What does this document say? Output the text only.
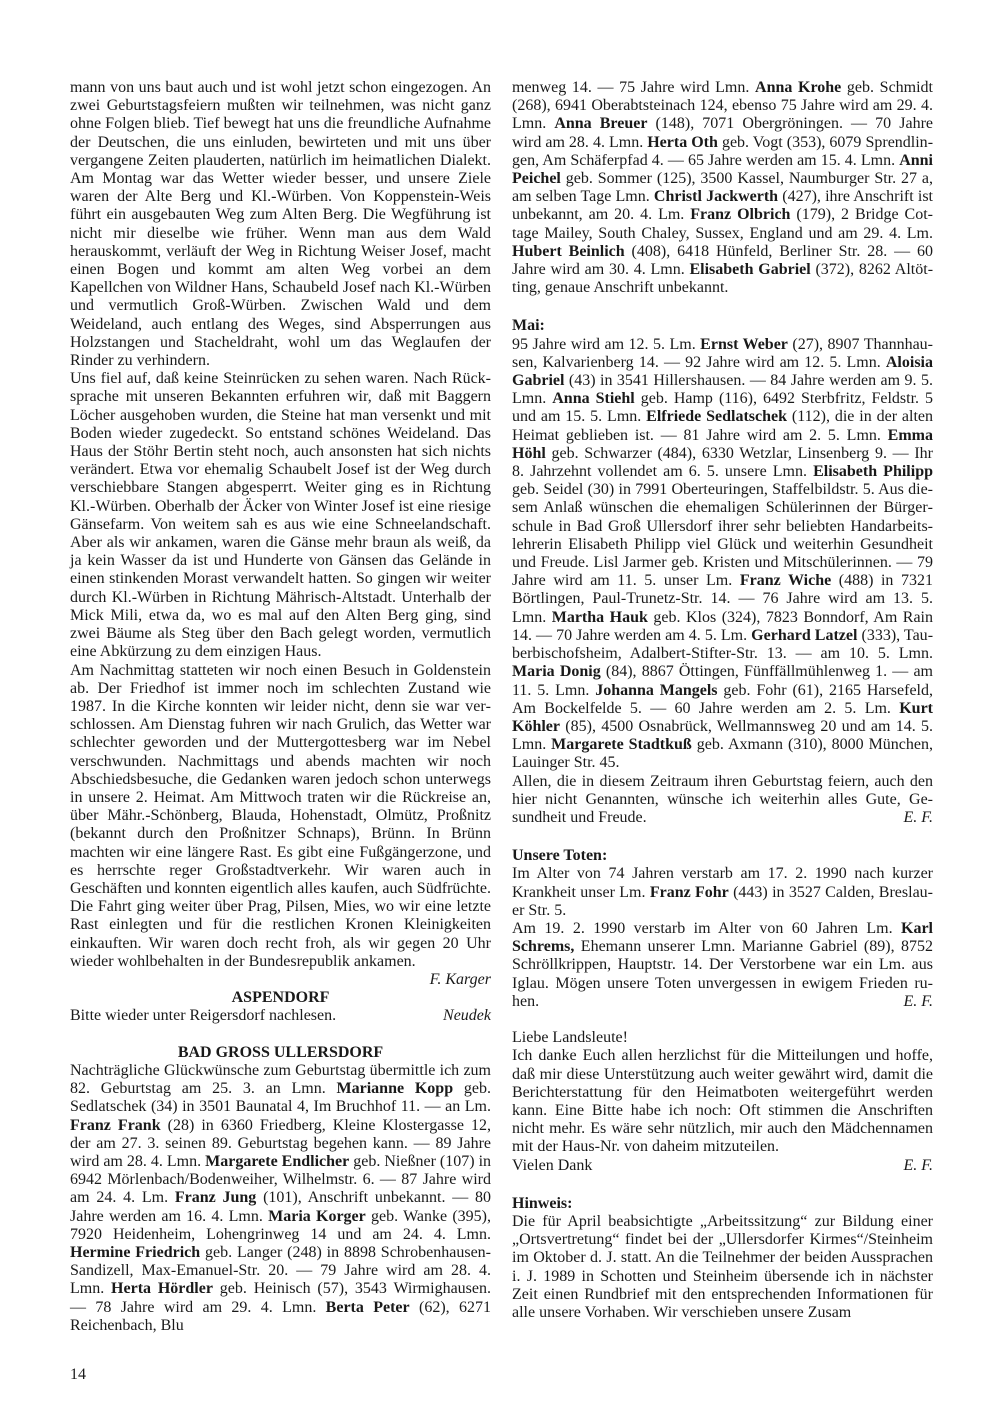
mann von uns baut auch und ist wohl jetzt schon eingezogen. An zwei Geburtstagsfeiern mußten wir teilnehmen, was nicht ganz ohne Folgen blieb. Tief bewegt hat uns die freundliche Aufnahme der Deutschen, die uns einluden, bewirteten und mit uns über vergangene Zeiten plauderten, natürlich im heimatlichen Dialekt. Am Montag war das Wetter wieder besser, und unsere Ziele waren der Alte Berg und Kl.-Würben. Von Koppenstein-Weis führt ein ausgebauten Weg zum Alten Berg. Die Wegführung ist nicht mir dieselbe wie früher. Wenn man aus dem Wald herauskommt, verläuft der Weg in Richtung Weiser Josef, macht einen Bogen und kommt am alten Weg vorbei an dem Kapellchen von Wildner Hans, Schaubeld Josef nach Kl.-Würben und vermutlich Groß-Würben. Zwischen Wald und dem Weideland, auch entlang des Weges, sind Absperrungen aus Holzstangen und Stacheldraht, wohl um das Weglaufen der Rinder zu verhindern.

Uns fiel auf, daß keine Steinrücken zu sehen waren. Nach Rücksprache mit unseren Bekannten erfuhren wir, daß mit Baggern Löcher ausgehoben wurden, die Steine hat man versenkt und mit Boden wieder zugedeckt. So entstand schönes Weideland. Das Haus der Stöhr Bertin steht noch, auch ansonsten hat sich nichts verändert. Etwa vor ehemalig Schaubelt Josef ist der Weg durch verschiebbare Stangen abgesperrt. Weiter ging es in Richtung Kl.-Würben. Oberhalb der Äcker von Winter Josef ist eine riesige Gänsefarm. Von weitem sah es aus wie eine Schneelandschaft. Aber als wir ankamen, waren die Gänse mehr braun als weiß, da ja kein Wasser da ist und Hunderte von Gänsen das Gelände in einen stinkenden Morast verwandelt hatten. So gingen wir weiter durch Kl.-Würben in Richtung Mährisch-Altstadt. Unterhalb der Mick Mili, etwa da, wo es mal auf den Alten Berg ging, sind zwei Bäume als Steg über den Bach gelegt worden, vermutlich eine Abkürzung zu dem einzigen Haus.

Am Nachmittag statteten wir noch einen Besuch in Goldenstein ab. Der Friedhof ist immer noch im schlechten Zustand wie 1987. In die Kirche konnten wir leider nicht, denn sie war verschlossen. Am Dienstag fuhren wir nach Grulich, das Wetter war schlechter geworden und der Muttergottesberg war im Nebel verschwunden. Nachmittags und abends machten wir noch Abschiedsbesuche, die Gedanken waren jedoch schon unterwegs in unsere 2. Heimat. Am Mittwoch traten wir die Rückreise an, über Mähr.-Schönberg, Blauda, Hohenstadt, Olmütz, Proßnitz (bekannt durch den Proßnitzer Schnaps), Brünn. In Brünn machten wir eine längere Rast. Es gibt eine Fußgängerzone, und es herrschte reger Großstadtverkehr. Wir waren auch in Geschäften und konnten eigentlich alles kaufen, auch Südfrüchte. Die Fahrt ging weiter über Prag, Pilsen, Mies, wo wir eine letzte Rast einlegten und für die restlichen Kronen Kleinigkeiten einkauften. Wir waren doch recht froh, als wir gegen 20 Uhr wieder wohlbehalten in der Bundesrepublik ankamen.

F. Karger
ASPENDORF

Bitte wieder unter Reigersdorf nachlesen.	Neudek
BAD GROSS ULLERSDORF

Nachträgliche Glückwünsche zum Geburtstag übermittle ich zum 82. Geburtstag am 25. 3. an Lmn. Marianne Kopp geb. Sedlatschek (34) in 3501 Baunatal 4, Im Bruchhof 11. — an Lm. Franz Frank (28) in 6360 Friedberg, Kleine Klostergasse 12, der am 27. 3. seinen 89. Geburtstag begehen kann. — 89 Jahre wird am 28. 4. Lmn. Margarete Endlicher geb. Nießner (107) in 6942 Mörlenbach/Bodenweiher, Wilhelmstr. 6. — 87 Jahre wird am 24. 4. Lm. Franz Jung (101), Anschrift unbekannt. — 80 Jahre werden am 16. 4. Lmn. Maria Korger geb. Wanke (395), 7920 Heidenheim, Lohengrinweg 14 und am 24. 4. Lmn. Hermine Friedrich geb. Langer (248) in 8898 Schrobenhausen-Sandizell, Max-Emanuel-Str. 20. — 79 Jahre wird am 28. 4. Lmn. Herta Hördler geb. Heinisch (57), 3543 Wirmighausen. — 78 Jahre wird am 29. 4. Lmn. Berta Peter (62), 6271 Reichenbach, Blu

menweg 14. — 75 Jahre wird Lmn. Anna Krohe geb. Schmidt (268), 6941 Oberabtsteinach 124, ebenso 75 Jahre wird am 29. 4. Lmn. Anna Breuer (148), 7071 Obergröningen. — 70 Jahre wird am 28. 4. Lmn. Herta Oth geb. Vogt (353), 6079 Sprendlingen, Am Schäferpfad 4. — 65 Jahre werden am 15. 4. Lmn. Anni Peichel geb. Sommer (125), 3500 Kassel, Naumburger Str. 27 a, am selben Tage Lmn. Christl Jackwerth (427), ihre Anschrift ist unbekannt, am 20. 4. Lm. Franz Olbrich (179), 2 Bridge Cottage Mailey, South Chaley, Sussex, England und am 29. 4. Lm. Hubert Beinlich (408), 6418 Hünfeld, Berliner Str. 28. — 60 Jahre wird am 30. 4. Lmn. Elisabeth Gabriel (372), 8262 Altötting, genaue Anschrift unbekannt.

Mai:

95 Jahre wird am 12. 5. Lm. Ernst Weber (27), 8907 Thannhausen, Kalvarienberg 14. — 92 Jahre wird am 12. 5. Lmn. Aloisia Gabriel (43) in 3541 Hillershausen. — 84 Jahre werden am 9. 5. Lmn. Anna Stiehl geb. Hamp (116), 6492 Sterbfritz, Feldstr. 5 und am 15. 5. Lmn. Elfriede Sedlatschek (112), die in der alten Heimat geblieben ist. — 81 Jahre wird am 2. 5. Lmn. Emma Höhl geb. Schwarzer (484), 6330 Wetzlar, Linsenberg 9. — Ihr 8. Jahrzehnt vollendet am 6. 5. unsere Lmn. Elisabeth Philipp geb. Seidel (30) in 7991 Oberteuringen, Staffelbildstr. 5. Aus diesem Anlaß wünschen die ehemaligen Schülerinnen der Bürgerschule in Bad Groß Ullersdorf ihrer sehr beliebten Handarbeitslehrerin Elisabeth Philipp viel Glück und weiterhin Gesundheit und Freude. Lisl Jarmer geb. Kristen und Mitschülerinnen. — 79 Jahre wird am 11. 5. unser Lm. Franz Wiche (488) in 7321 Börtlingen, Paul-Trunetz-Str. 14. — 76 Jahre wird am 13. 5. Lmn. Martha Hauk geb. Klos (324), 7823 Bonndorf, Am Rain 14. — 70 Jahre werden am 4. 5. Lm. Gerhard Latzel (333), Tauberbischofsheim, Adalbert-Stifter-Str. 13. — am 10. 5. Lmn. Maria Donig (84), 8867 Öttingen, Fünffällmühlenweg 1. — am 11. 5. Lmn. Johanna Mangels geb. Fohr (61), 2165 Harsefeld, Am Bockelfelde 5. — 60 Jahre werden am 2. 5. Lm. Kurt Köhler (85), 4500 Osnabrück, Wellmannsweg 20 und am 14. 5. Lmn. Margarete Stadtkuß geb. Axmann (310), 8000 München, Lauinger Str. 45.

Allen, die in diesem Zeitraum ihren Geburtstag feiern, auch den hier nicht Genannten, wünsche ich weiterhin alles Gute, Gesundheit und Freude.	E. F.
Unsere Toten:

Im Alter von 74 Jahren verstarb am 17. 2. 1990 nach kurzer Krankheit unser Lm. Franz Fohr (443) in 3527 Calden, Breslauer Str. 5.

Am 19. 2. 1990 verstarb im Alter von 60 Jahren Lm. Karl Schrems, Ehemann unserer Lmn. Marianne Gabriel (89), 8752 Schröllkrippen, Hauptstr. 14. Der Verstorbene war ein Lm. aus Iglau. Mögen unsere Toten unvergessen in ewigem Frieden ruhen.	E. F.

Liebe Landsleute!

Ich danke Euch allen herzlichst für die Mitteilungen und hoffe, daß mir diese Unterstützung auch weiter gewährt wird, damit die Berichterstattung für den Heimatboten weitergeführt werden kann. Eine Bitte habe ich noch: Oft stimmen die Anschriften nicht mehr. Es wäre sehr nützlich, mir auch den Mädchennamen mit der Haus-Nr. von daheim mitzuteilen.

Vielen Dank	E. F.
Hinweis:

Die für April beabsichtigte „Arbeitssitzung“ zur Bildung einer „Ortsvertretung“ findet bei der „Ullersdorfer Kirmes“/Steinheim im Oktober d. J. statt. An die Teilnehmer der beiden Aussprachen i. J. 1989 in Schotten und Steinheim übersende ich in nächster Zeit einen Rundbrief mit den entsprechenden Informationen für alle unsere Vorhaben. Wir verschieben unsere Zusam

14
